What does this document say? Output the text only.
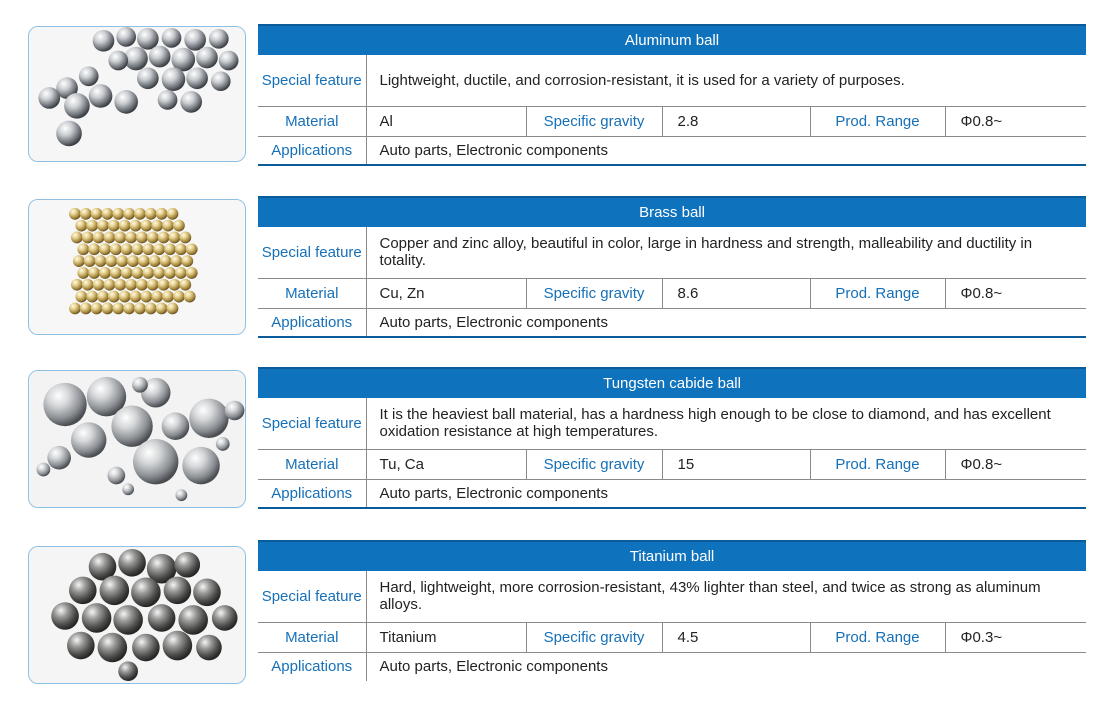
Aluminum ball					
Special feature	Lightweight, ductile, and corrosion-resistant, it is used for a variety of purposes.				
Material	Al	Specific gravity	2.8	Prod. Range	Φ0.8~
Applications	Auto parts, Electronic components				
Brass ball					
Special feature	Copper and zinc alloy, beautiful in color, large in hardness and strength, malleability and ductility in totality.				
Material	Cu, Zn	Specific gravity	8.6	Prod. Range	Φ0.8~
Applications	Auto parts, Electronic components				
Tungsten cabide ball					
Special feature	It is the heaviest ball material, has a hardness high enough to be close to diamond, and has excellent oxidation resistance at high temperatures.				
Material	Tu, Ca	Specific gravity	15	Prod. Range	Φ0.8~
Applications	Auto parts, Electronic components				
Titanium ball					
Special feature	Hard, lightweight, more corrosion-resistant, 43% lighter than steel, and twice as strong as aluminum alloys.				
Material	Titanium	Specific gravity	4.5	Prod. Range	Φ0.3~
Applications	Auto parts, Electronic components				
